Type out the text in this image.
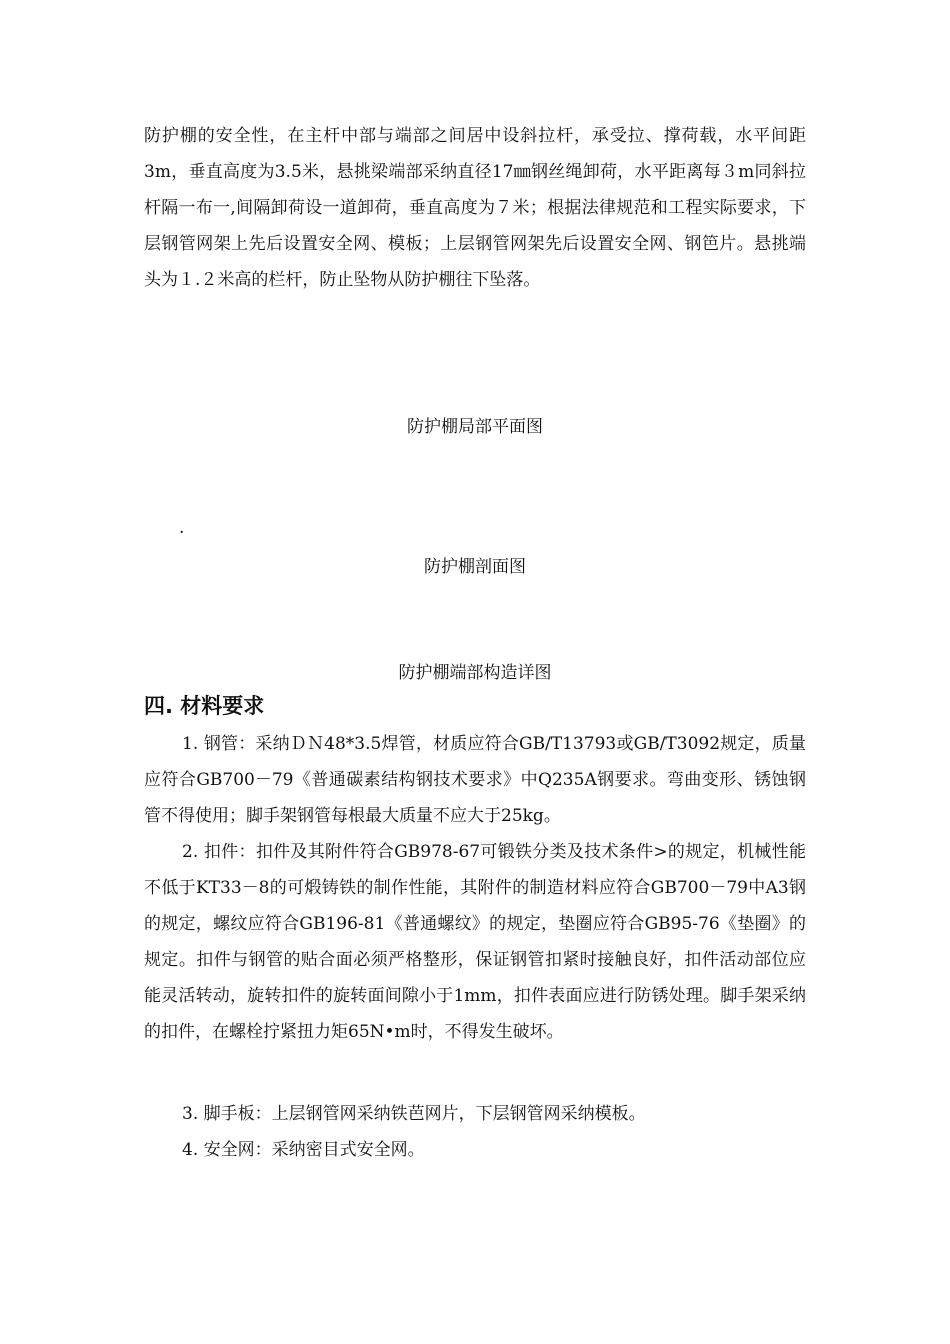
防护棚的安全性，在主杆中部与端部之间居中设斜拉杆，承受拉、撑荷载，水平间距3m，垂直高度为3.5米，悬挑梁端部采纳直径17㎜钢丝绳卸荷，水平距离每３m同斜拉杆隔一布一,间隔卸荷设一道卸荷，垂直高度为７米；根据法律规范和工程实际要求，下层钢管网架上先后设置安全网、模板；上层钢管网架先后设置安全网、钢笆片。悬挑端头为１.２米高的栏杆，防止坠物从防护棚往下坠落。

防护棚局部平面图

.

防护棚剖面图

防护棚端部构造详图

四. 材料要求

1. 钢管：采纳ＤＮ48*3.5焊管，材质应符合GB/T13793或GB/T3092规定，质量应符合GB700－79《普通碳素结构钢技术要求》中Q235A钢要求。弯曲变形、锈蚀钢管不得使用；脚手架钢管每根最大质量不应大于25kg。

2. 扣件：扣件及其附件符合GB978-67可锻铁分类及技术条件>的规定，机械性能不低于KT33－8的可煅铸铁的制作性能，其附件的制造材料应符合GB700－79中A3钢的规定，螺纹应符合GB196-81《普通螺纹》的规定，垫圈应符合GB95-76《垫圈》的规定。扣件与钢管的贴合面必须严格整形，保证钢管扣紧时接触良好，扣件活动部位应能灵活转动，旋转扣件的旋转面间隙小于1mm，扣件表面应进行防锈处理。脚手架采纳的扣件，在螺栓拧紧扭力矩65N•m时，不得发生破坏。

3. 脚手板：上层钢管网采纳铁芭网片，下层钢管网采纳模板。

4. 安全网：采纳密目式安全网。
